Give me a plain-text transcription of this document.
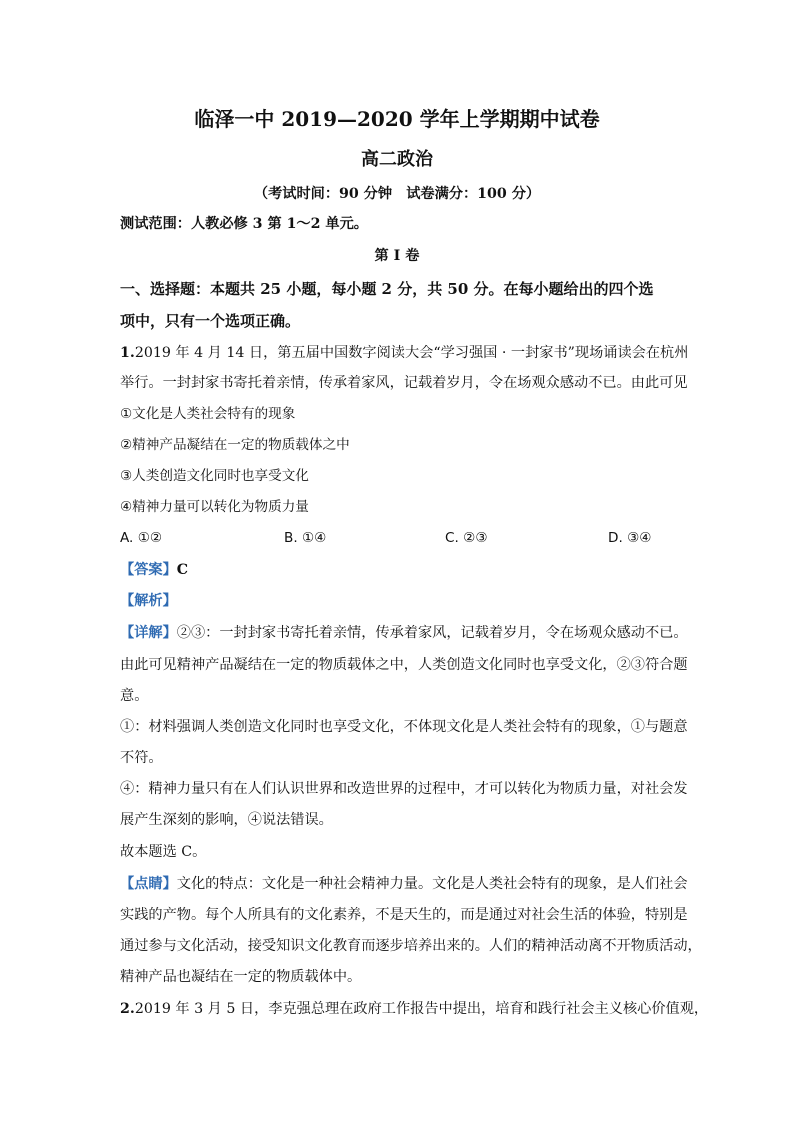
临泽一中 2019—2020 学年上学期期中试卷
高二政治
（考试时间：90 分钟　试卷满分：100 分）
测试范围：人教必修 3 第 1～2 单元。
第 I 卷
一、选择题：本题共 25 小题，每小题 2 分，共 50 分。在每小题给出的四个选
项中，只有一个选项正确。
1.2019 年 4 月 14 日，第五届中国数字阅读大会“学习强国 · 一封家书”现场诵读会在杭州
举行。一封封家书寄托着亲情，传承着家风，记载着岁月，令在场观众感动不已。由此可见
①文化是人类社会特有的现象
②精神产品凝结在一定的物质载体之中
③人类创造文化同时也享受文化
④精神力量可以转化为物质力量
A. ①②	B. ①④	C. ②③	D. ③④
【答案】C
【解析】
【详解】②③：一封封家书寄托着亲情，传承着家风，记载着岁月，令在场观众感动不已。
由此可见精神产品凝结在一定的物质载体之中，人类创造文化同时也享受文化，②③符合题
意。
①：材料强调人类创造文化同时也享受文化，不体现文化是人类社会特有的现象，①与题意
不符。
④：精神力量只有在人们认识世界和改造世界的过程中，才可以转化为物质力量，对社会发
展产生深刻的影响，④说法错误。
故本题选 C。
【点睛】文化的特点：文化是一种社会精神力量。文化是人类社会特有的现象，是人们社会
实践的产物。每个人所具有的文化素养，不是天生的，而是通过对社会生活的体验，特别是
通过参与文化活动，接受知识文化教育而逐步培养出来的。人们的精神活动离不开物质活动，
精神产品也凝结在一定的物质载体中。
2.2019 年 3 月 5 日，李克强总理在政府工作报告中提出，培育和践行社会主义核心价值观，
